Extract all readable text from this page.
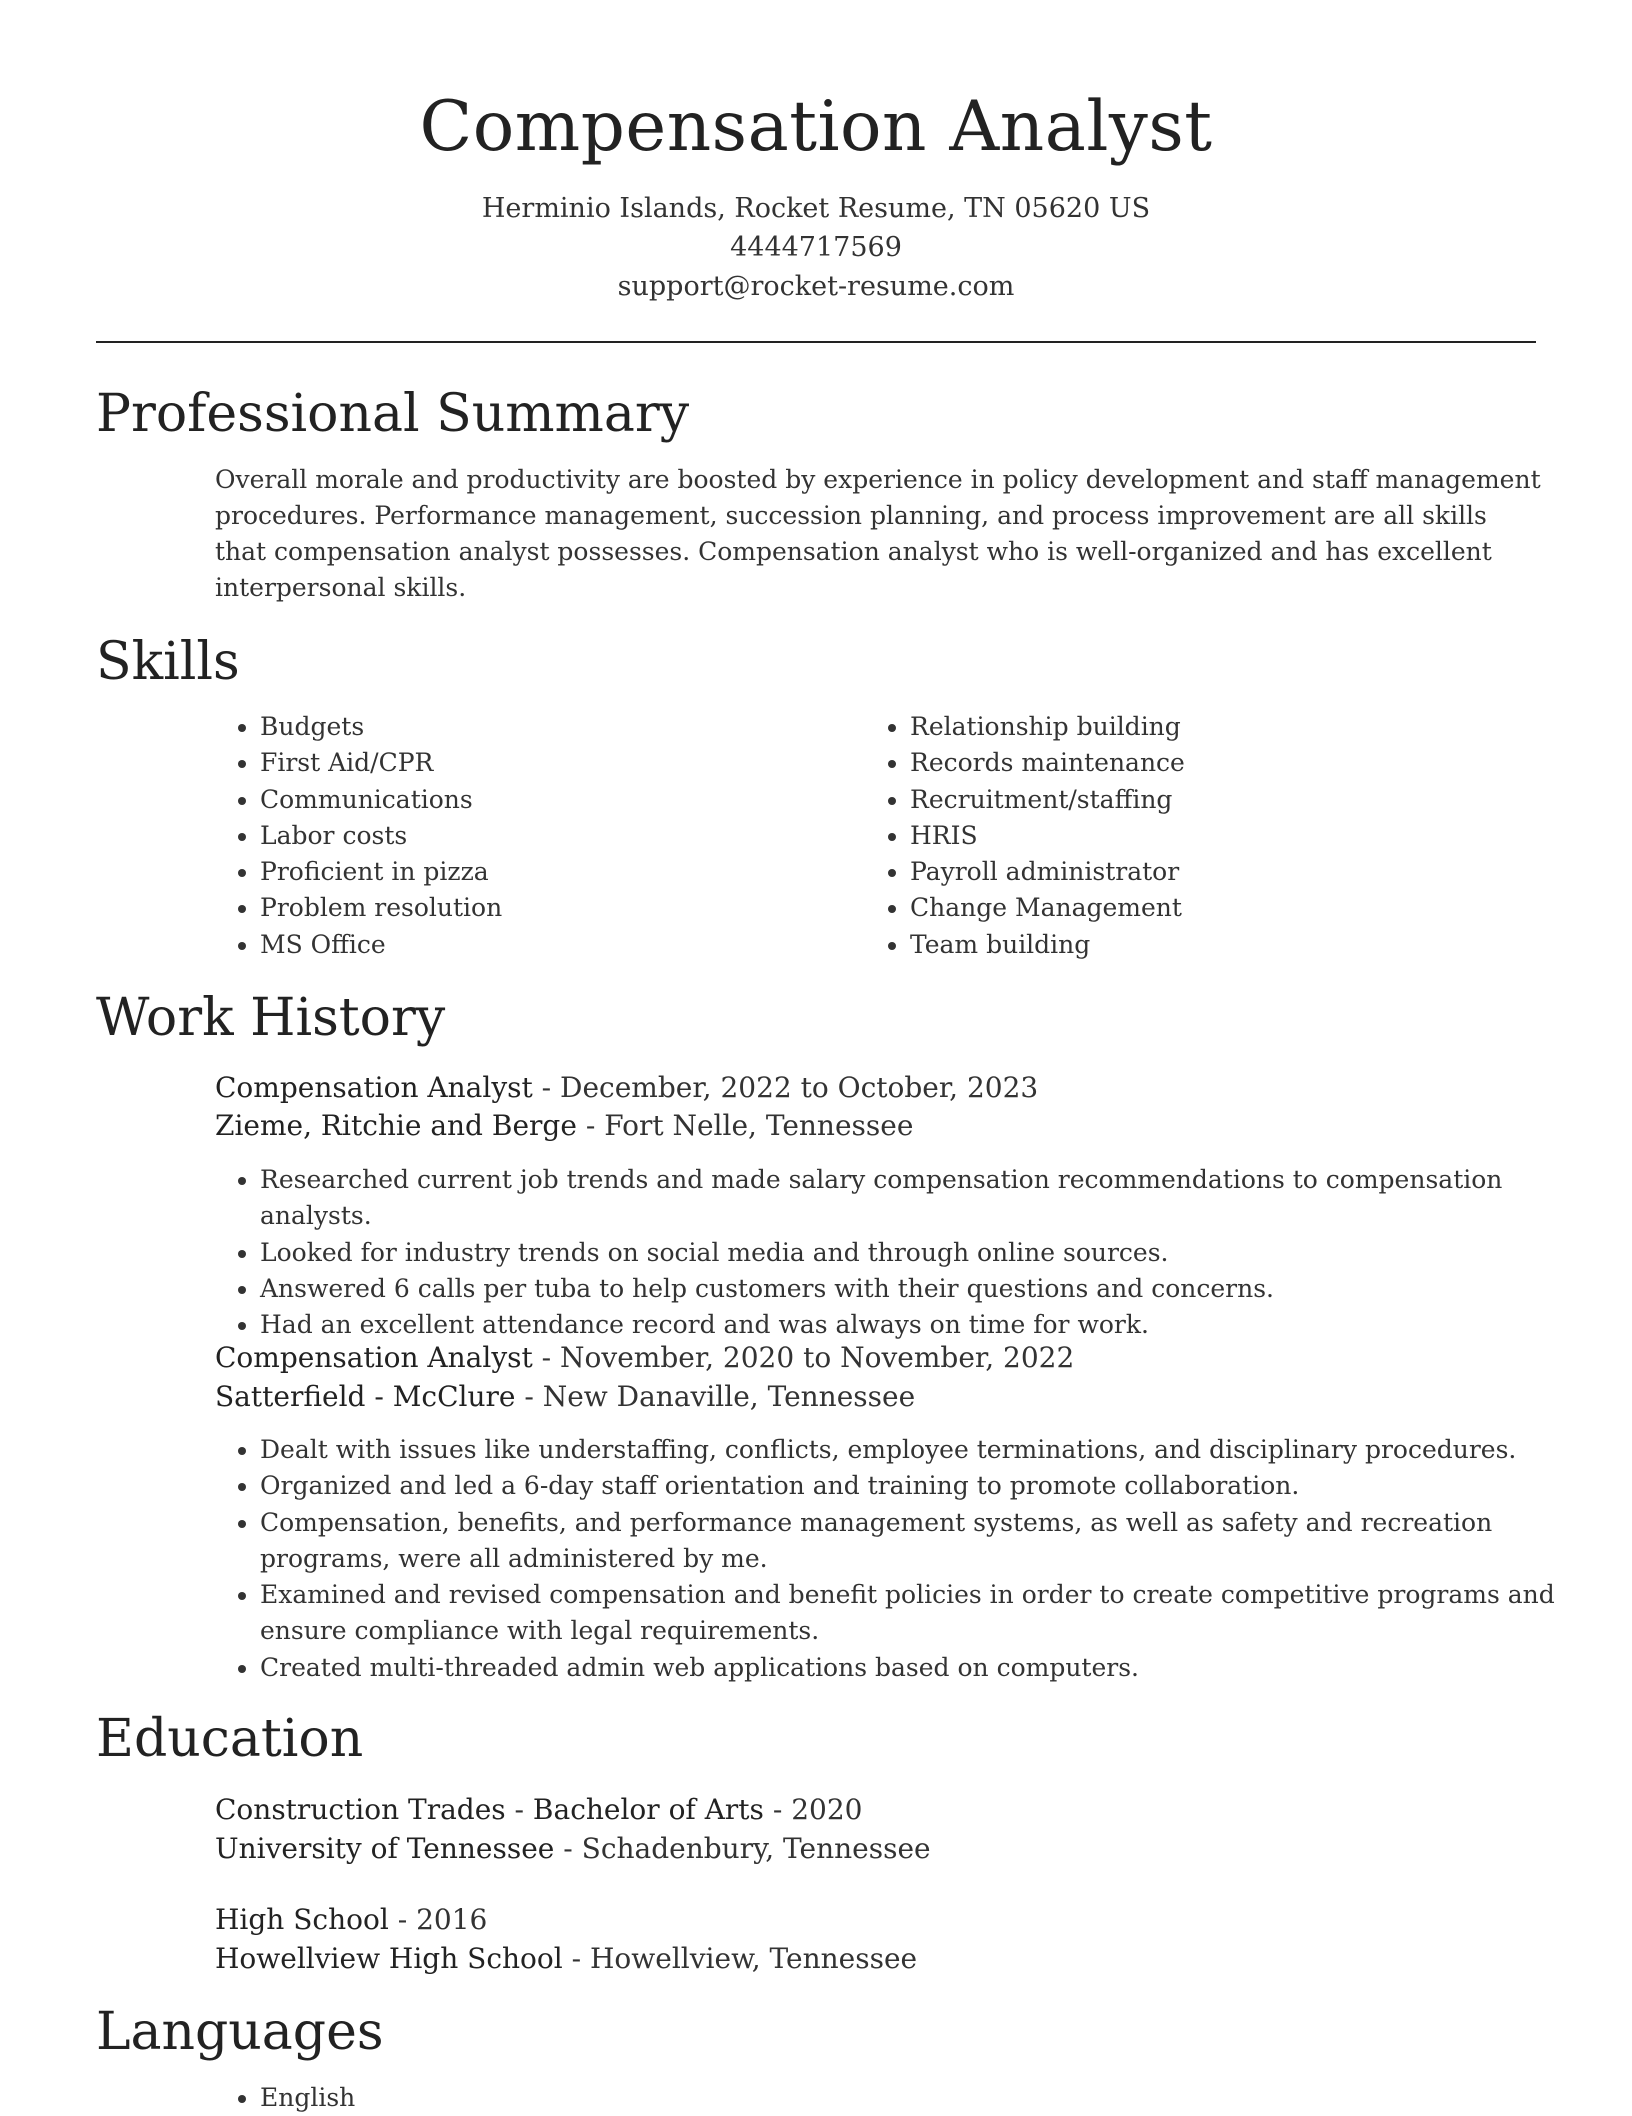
Compensation Analyst
Herminio Islands, Rocket Resume, TN 05620 US
4444717569
support@rocket-resume.com
Professional Summary

Overall morale and productivity are boosted by experience in policy development and staff management procedures. Performance management, succession planning, and process improvement are all skills that compensation analyst possesses. Compensation analyst who is well-organized and has excellent interpersonal skills.

Skills
• Budgets
• First Aid/CPR
• Communications
• Labor costs
• Proficient in pizza
• Problem resolution
• MS Office
• Relationship building
• Records maintenance
• Recruitment/staffing
• HRIS
• Payroll administrator
• Change Management
• Team building
Work History
Compensation Analyst - December, 2022 to October, 2023
Zieme, Ritchie and Berge - Fort Nelle, Tennessee
• Researched current job trends and made salary compensation recommendations to compensation analysts.
• Looked for industry trends on social media and through online sources.
• Answered 6 calls per tuba to help customers with their questions and concerns.
• Had an excellent attendance record and was always on time for work.
Compensation Analyst - November, 2020 to November, 2022
Satterfield - McClure - New Danaville, Tennessee
• Dealt with issues like understaffing, conflicts, employee terminations, and disciplinary procedures.
• Organized and led a 6-day staff orientation and training to promote collaboration.
• Compensation, benefits, and performance management systems, as well as safety and recreation programs, were all administered by me.
• Examined and revised compensation and benefit policies in order to create competitive programs and ensure compliance with legal requirements.
• Created multi-threaded admin web applications based on computers.
Education
Construction Trades - Bachelor of Arts - 2020
University of Tennessee - Schadenbury, Tennessee
High School - 2016
Howellview High School - Howellview, Tennessee
Languages
• English
